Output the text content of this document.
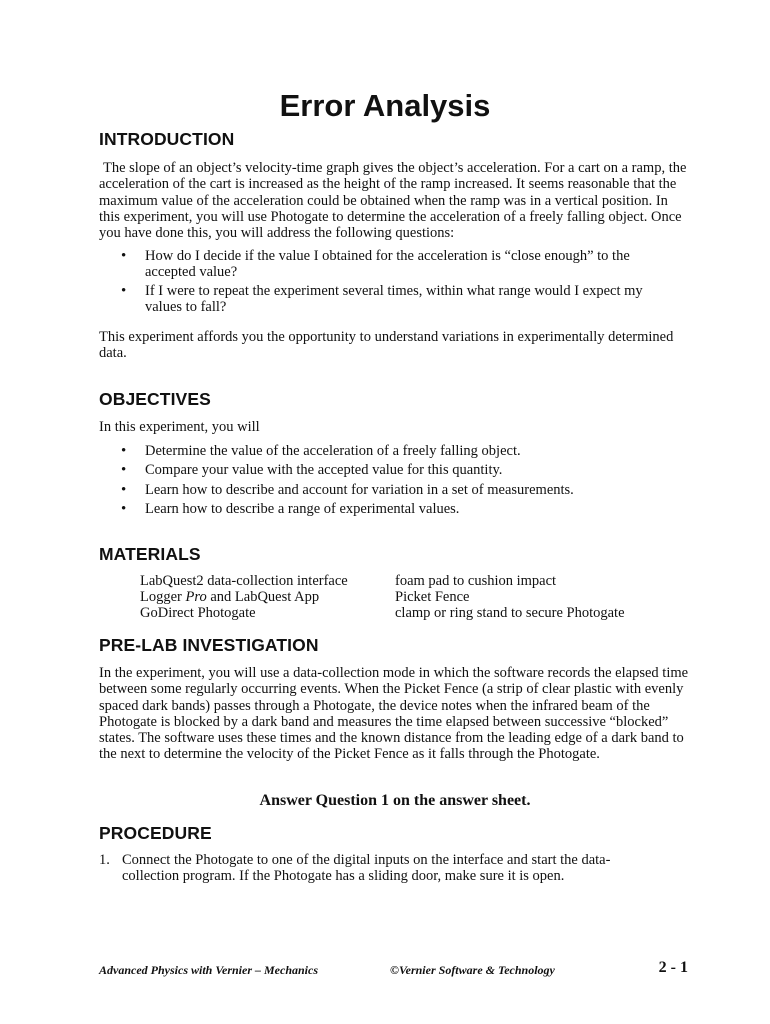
Error Analysis
INTRODUCTION
The slope of an object’s velocity-time graph gives the object’s acceleration. For a cart on a ramp, the acceleration of the cart is increased as the height of the ramp increased. It seems reasonable that the maximum value of the acceleration could be obtained when the ramp was in a vertical position. In this experiment, you will use Photogate to determine the acceleration of a freely falling object. Once you have done this, you will address the following questions:
• How do I decide if the value I obtained for the acceleration is “close enough” to the accepted value?
• If I were to repeat the experiment several times, within what range would I expect my values to fall?
This experiment affords you the opportunity to understand variations in experimentally determined data.
OBJECTIVES
In this experiment, you will
• Determine the value of the acceleration of a freely falling object.
• Compare your value with the accepted value for this quantity.
• Learn how to describe and account for variation in a set of measurements.
• Learn how to describe a range of experimental values.
MATERIALS
LabQuest2 data-collection interface
Logger Pro and LabQuest App
GoDirect Photogate
foam pad to cushion impact
Picket Fence
clamp or ring stand to secure Photogate
PRE-LAB INVESTIGATION
In the experiment, you will use a data-collection mode in which the software records the elapsed time between some regularly occurring events. When the Picket Fence (a strip of clear plastic with evenly spaced dark bands) passes through a Photogate, the device notes when the infrared beam of the Photogate is blocked by a dark band and measures the time elapsed between successive “blocked” states. The software uses these times and the known distance from the leading edge of a dark band to the next to determine the velocity of the Picket Fence as it falls through the Photogate.
Answer Question 1 on the answer sheet.
PROCEDURE
1. Connect the Photogate to one of the digital inputs on the interface and start the data-collection program. If the Photogate has a sliding door, make sure it is open.
Advanced Physics with Vernier – Mechanics	©Vernier Software & Technology	2 - 1
